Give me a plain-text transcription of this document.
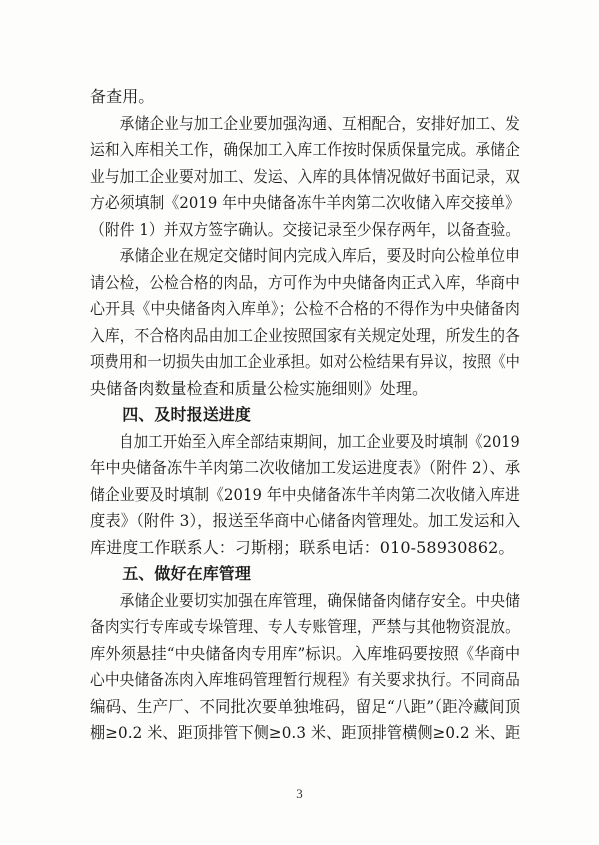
备查用。
　　承储企业与加工企业要加强沟通、互相配合，安排好加工、发
运和入库相关工作，确保加工入库工作按时保质保量完成。承储企
业与加工企业要对加工、发运、入库的具体情况做好书面记录，双
方必须填制《2019 年中央储备冻牛羊肉第二次收储入库交接单》
（附件 1）并双方签字确认。交接记录至少保存两年，以备查验。
　　承储企业在规定交储时间内完成入库后，要及时向公检单位申
请公检，公检合格的肉品，方可作为中央储备肉正式入库，华商中
心开具《中央储备肉入库单》；公检不合格的不得作为中央储备肉
入库，不合格肉品由加工企业按照国家有关规定处理，所发生的各
项费用和一切损失由加工企业承担。如对公检结果有异议，按照《中
央储备肉数量检查和质量公检实施细则》处理。
　　四、及时报送进度
　　自加工开始至入库全部结束期间，加工企业要及时填制《2019
年中央储备冻牛羊肉第二次收储加工发运进度表》（附件 2）、承
储企业要及时填制《2019 年中央储备冻牛羊肉第二次收储入库进
度表》（附件 3），报送至华商中心储备肉管理处。加工发运和入
库进度工作联系人：刁斯栩；联系电话：010-58930862。
　　五、做好在库管理
　　承储企业要切实加强在库管理，确保储备肉储存安全。中央储
备肉实行专库或专垛管理、专人专账管理，严禁与其他物资混放。
库外须悬挂“中央储备肉专用库”标识。入库堆码要按照《华商中
心中央储备冻肉入库堆码管理暂行规程》有关要求执行。不同商品
编码、生产厂、不同批次要单独堆码，留足“八距”（距冷藏间顶
棚≥0.2 米、距顶排管下侧≥0.3 米、距顶排管横侧≥0.2 米、距
3
